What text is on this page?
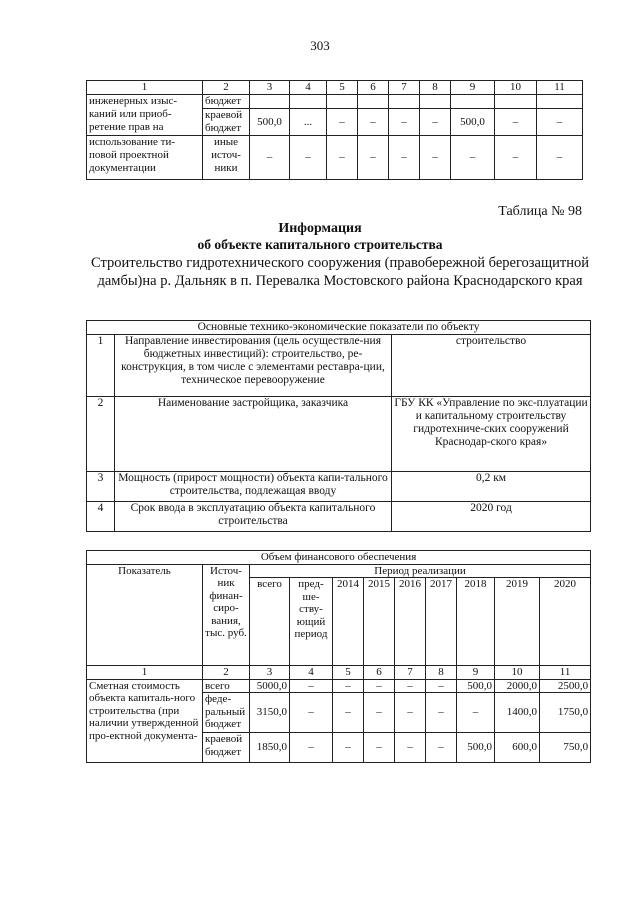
303
1	2	3	4	5	6	7	8	9	10	11
инженерных изыс-каний или приоб-ретение прав на	бюджет									
	краевой бюджет	500,0	...	–	–	–	–	500,0	–	–
использование ти-повой проектной документации	иные источ-ники	–	–	–	–	–	–	–	–	–
Таблица № 98
Информация
об объекте капитального строительства
Строительство гидротехнического сооружения (правобережной берегозащитной дамбы)на р. Дальняк в п. Перевалка Мостовского района Краснодарского края
Основные технико-экономические показатели по объекту		
1	Направление инвестирования (цель осуществле-ния бюджетных инвестиций): строительство, ре-конструкция, в том числе с элементами реставра-ции, техническое перевооружение	строительство
2	Наименование застройщика, заказчика	ГБУ КК «Управление по экс-плуатации и капитальному строительству гидротехниче-ских сооружений Краснодар-ского края»
3	Мощность (прирост мощности) объекта капи-тального строительства, подлежащая вводу	0,2 км
4	Срок ввода в эксплуатацию объекта капитального строительства	2020 год
Объем финансового обеспечения										
Показатель	Источ-ник финан-сиро-вания, тыс. руб.	Период реализации								
		всего	пред-ше-ству-ющий период	2014	2015	2016	2017	2018	2019	2020
1	2	3	4	5	6	7	8	9	10	11
Сметная стоимость объекта капиталь-ного строительства (при наличии утвержденной про-ектной документа-	всего	5000,0	–	–	–	–	–	500,0	2000,0	2500,0
	феде-ральный бюджет	3150,0	–	–	–	–	–	–	1400,0	1750,0
	краевой бюджет	1850,0	–	–	–	–	–	500,0	600,0	750,0
